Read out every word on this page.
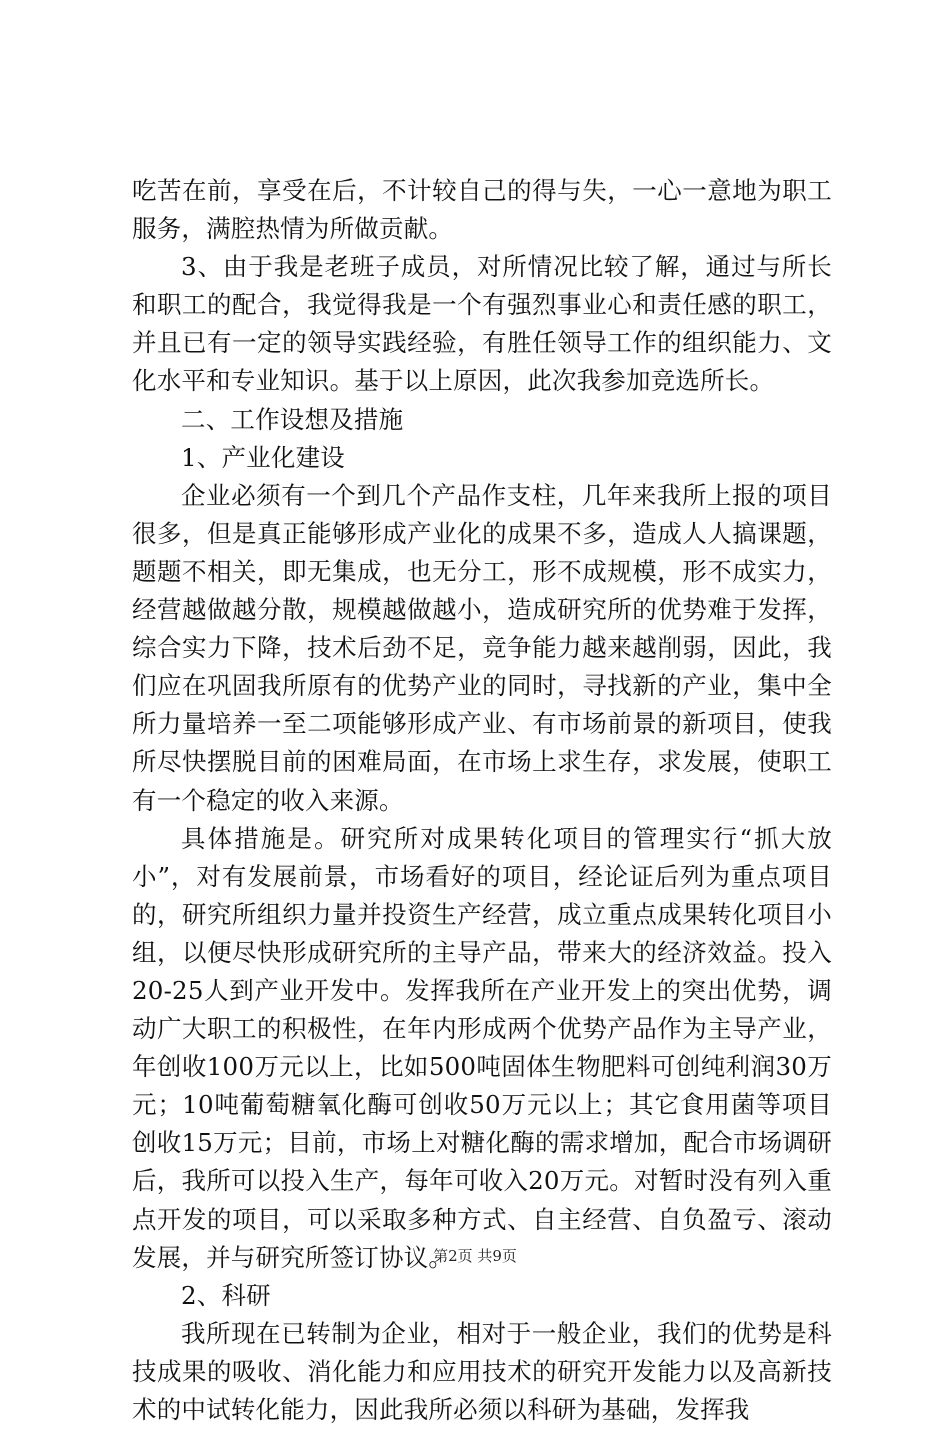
吃苦在前，享受在后，不计较自己的得与失，一心一意地为职工服务，满腔热情为所做贡献。

3、由于我是老班子成员，对所情况比较了解，通过与所长和职工的配合，我觉得我是一个有强烈事业心和责任感的职工，并且已有一定的领导实践经验，有胜任领导工作的组织能力、文化水平和专业知识。基于以上原因，此次我参加竞选所长。

二、工作设想及措施

1、产业化建设

企业必须有一个到几个产品作支柱，几年来我所上报的项目很多，但是真正能够形成产业化的成果不多，造成人人搞课题，题题不相关，即无集成，也无分工，形不成规模，形不成实力，经营越做越分散，规模越做越小，造成研究所的优势难于发挥，综合实力下降，技术后劲不足，竞争能力越来越削弱，因此，我们应在巩固我所原有的优势产业的同时，寻找新的产业，集中全所力量培养一至二项能够形成产业、有市场前景的新项目，使我所尽快摆脱目前的困难局面，在市场上求生存，求发展，使职工有一个稳定的收入来源。

具体措施是。研究所对成果转化项目的管理实行“抓大放小”，对有发展前景，市场看好的项目，经论证后列为重点项目的，研究所组织力量并投资生产经营，成立重点成果转化项目小组，以便尽快形成研究所的主导产品，带来大的经济效益。投入20-25人到产业开发中。发挥我所在产业开发上的突出优势，调动广大职工的积极性，在年内形成两个优势产品作为主导产业，年创收100万元以上，比如500吨固体生物肥料可创纯利润30万元；10吨葡萄糖氧化酶可创收50万元以上；其它食用菌等项目创收15万元；目前，市场上对糖化酶的需求增加，配合市场调研后，我所可以投入生产，每年可收入20万元。对暂时没有列入重点开发的项目，可以采取多种方式、自主经营、自负盈亏、滚动发展，并与研究所签订协议。

2、科研

我所现在已转制为企业，相对于一般企业，我们的优势是科技成果的吸收、消化能力和应用技术的研究开发能力以及高新技术的中试转化能力，因此我所必须以科研为基础，发挥我

第2页 共9页
